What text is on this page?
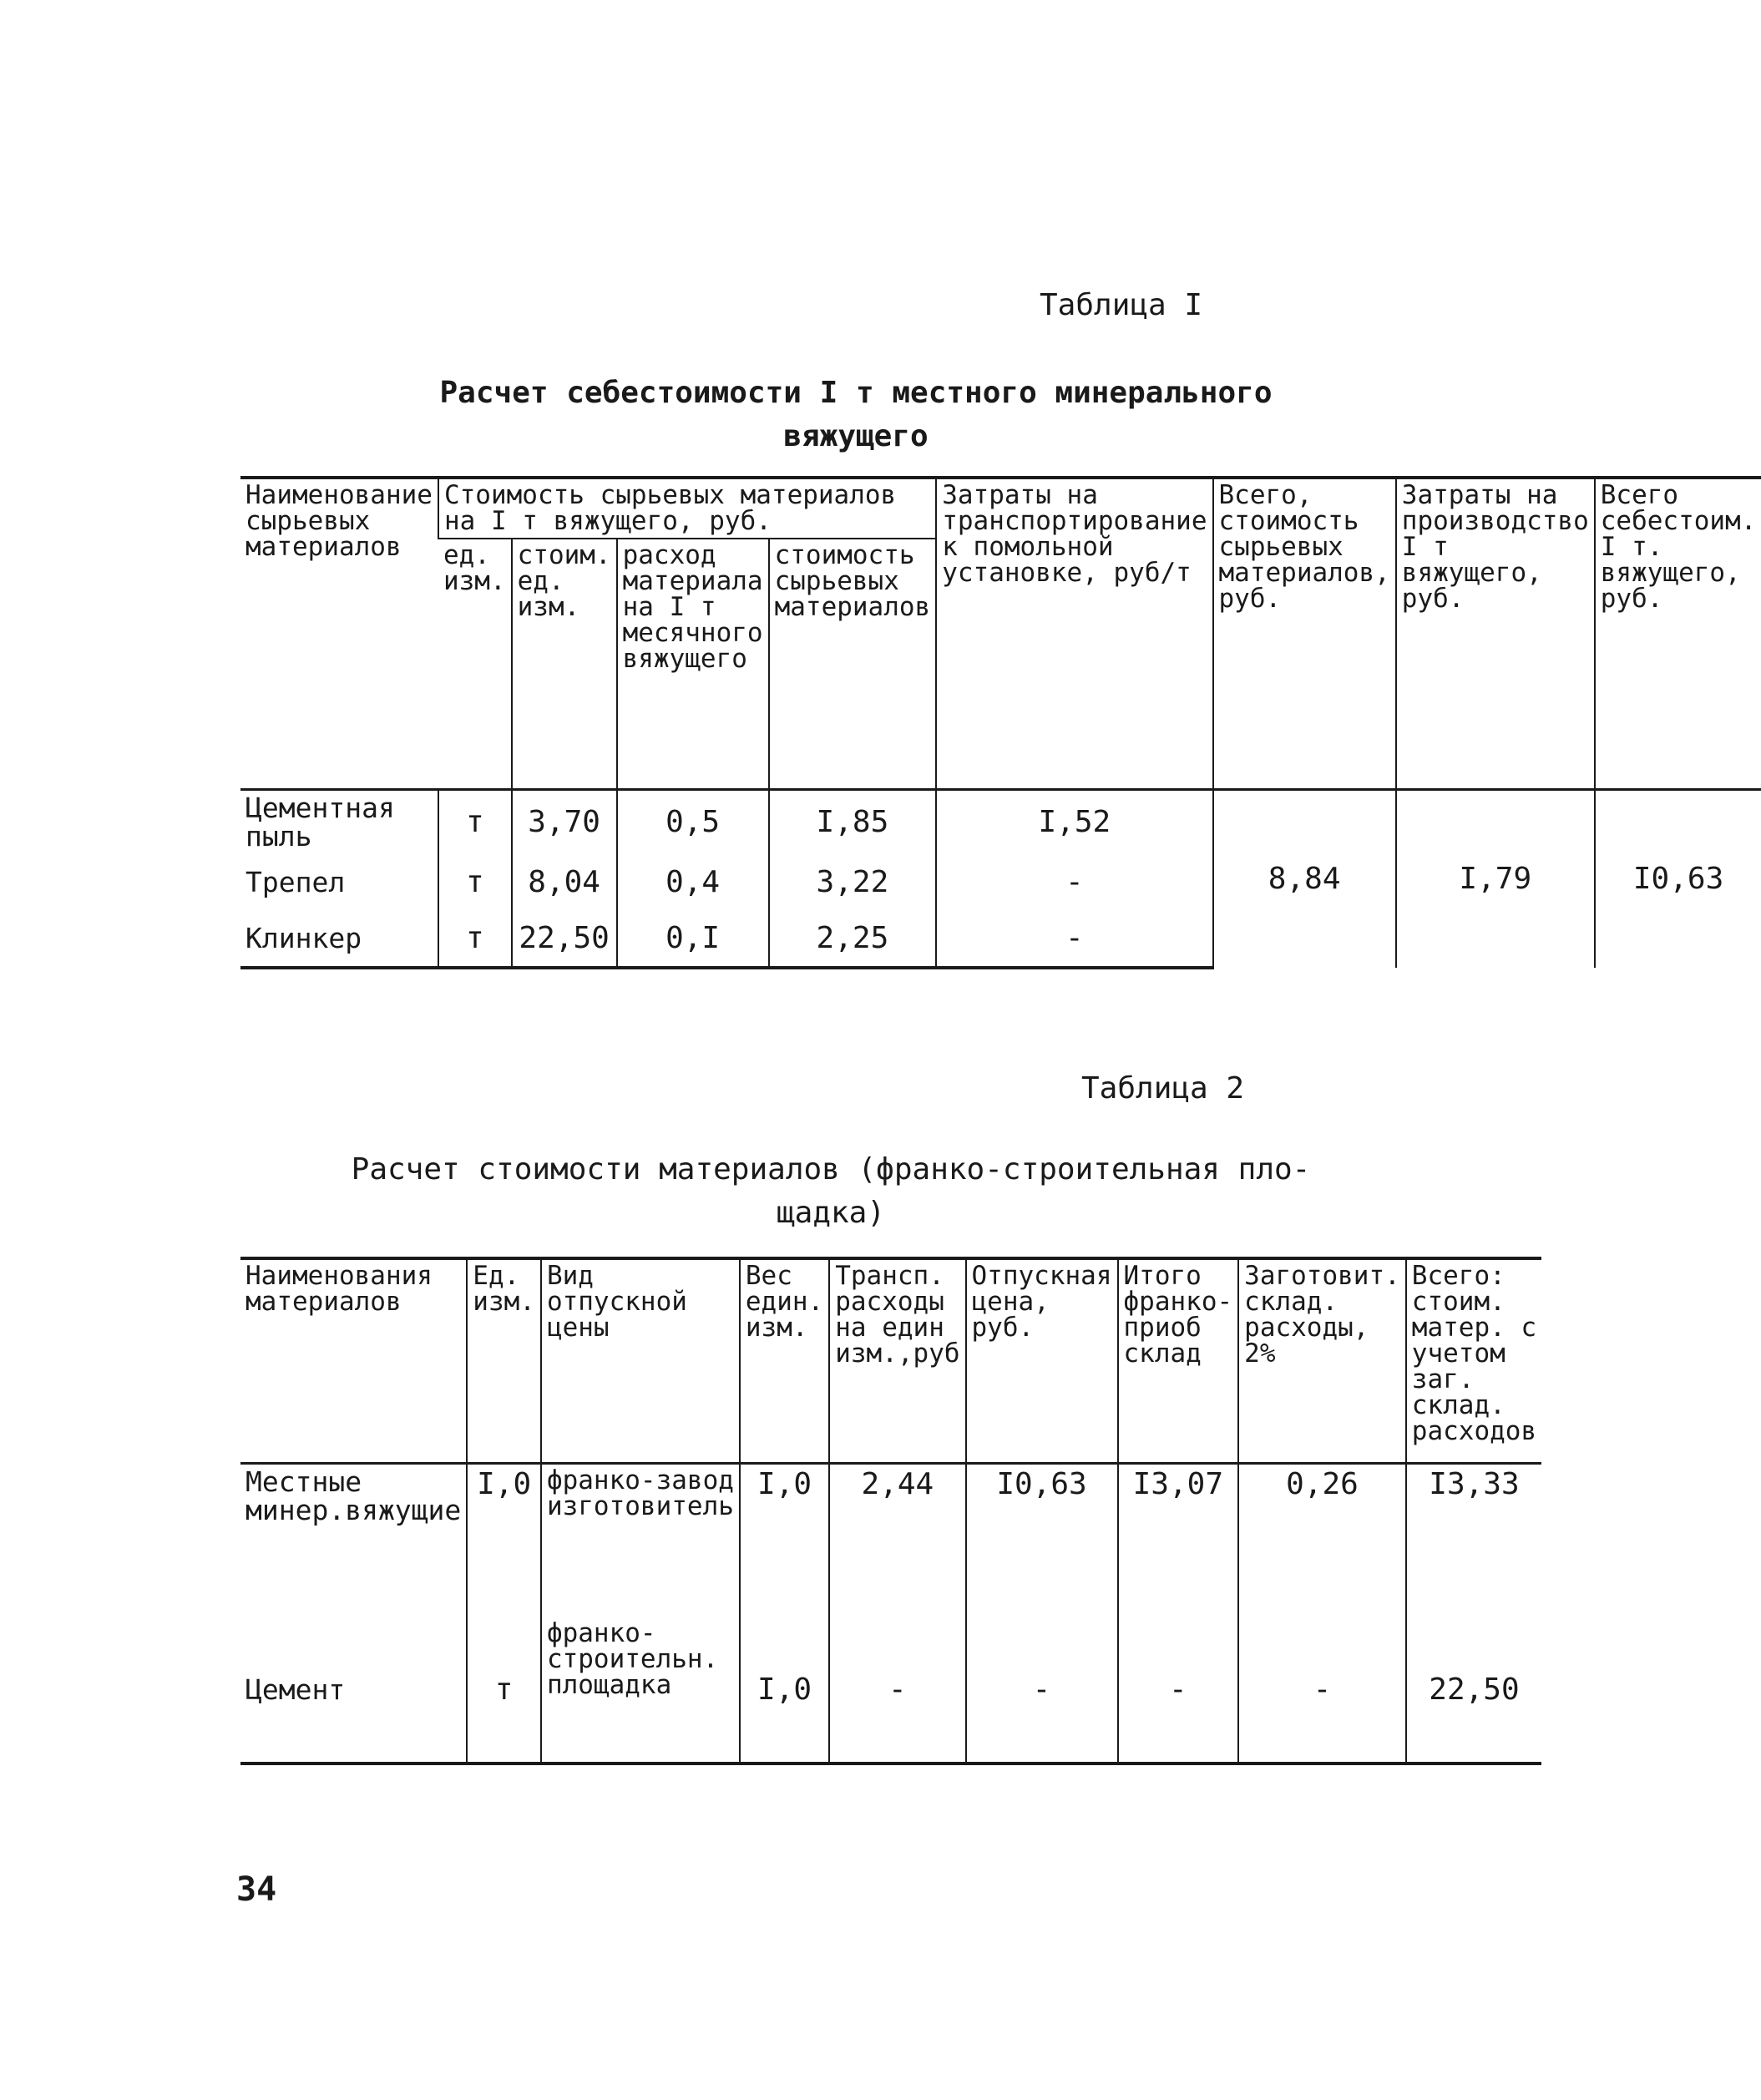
Таблица I
Расчет себестоимости I т местного минерального
вяжущего
Наименование сырьевых материалов	Стоимость сырьевых материалов на I т вяжущего, руб.				Затраты на транспортирование к помольной установке, руб/т	Всего, стоимость сырьевых материалов, руб.	Затраты на производство I т вяжущего, руб.	Всего себестоим. I т. вяжущего, руб.
	ед. изм.	стоим. ед. изм.	расход материала на I т месячного вяжущего	стоимость сырьевых материалов				
Цементная пыль	т	3,70	0,5	I,85	I,52	8,84	I,79	I0,63
Трепел	т	8,04	0,4	3,22	-			
Клинкер	т	22,50	0,I	2,25	-			
Таблица 2
Расчет стоимости материалов (франко-строительная пло-
щадка)
Наименования материалов	Ед. изм.	Вид отпускной цены	Вес един. изм.	Трансп. расходы на един изм.,руб	Отпускная цена, руб.	Итого франко-приоб склад	Заготовит. склад. расходы, 2%	Всего: стоим. матер. с учетом заг. склад. расходов
Местные минер.вяжущие	I,0	франко-завод изготовитель	I,0	2,44	I0,63	I3,07	0,26	I3,33
Цемент	т	франко-строительн. площадка	I,0	-	-	-	-	22,50
34
